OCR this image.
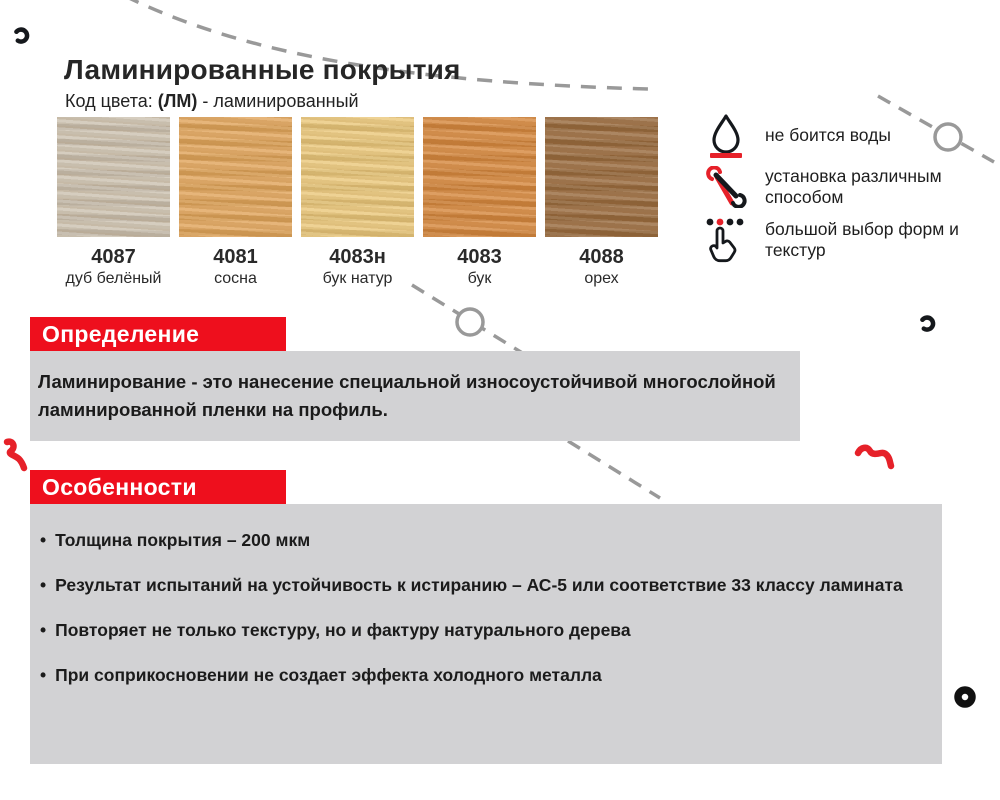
Ламинированные покрытия
Код цвета: (ЛМ) - ламинированный
4087
дуб белёный
4081
сосна
4083н
бук натур
4083
бук
4088
орех
не боится воды
установка различным способом
большой выбор форм и текстур
Определение
Ламинирование - это нанесение специальной износоустойчивой многослойной ламинированной пленки на профиль.
Особенности
• Толщина покрытия – 200 мкм
• Результат испытаний на устойчивость к истиранию – АС-5 или соответствие 33 классу ламината
• Повторяет не только текстуру, но и фактуру натурального дерева
• При соприкосновении не создает эффекта холодного металла
